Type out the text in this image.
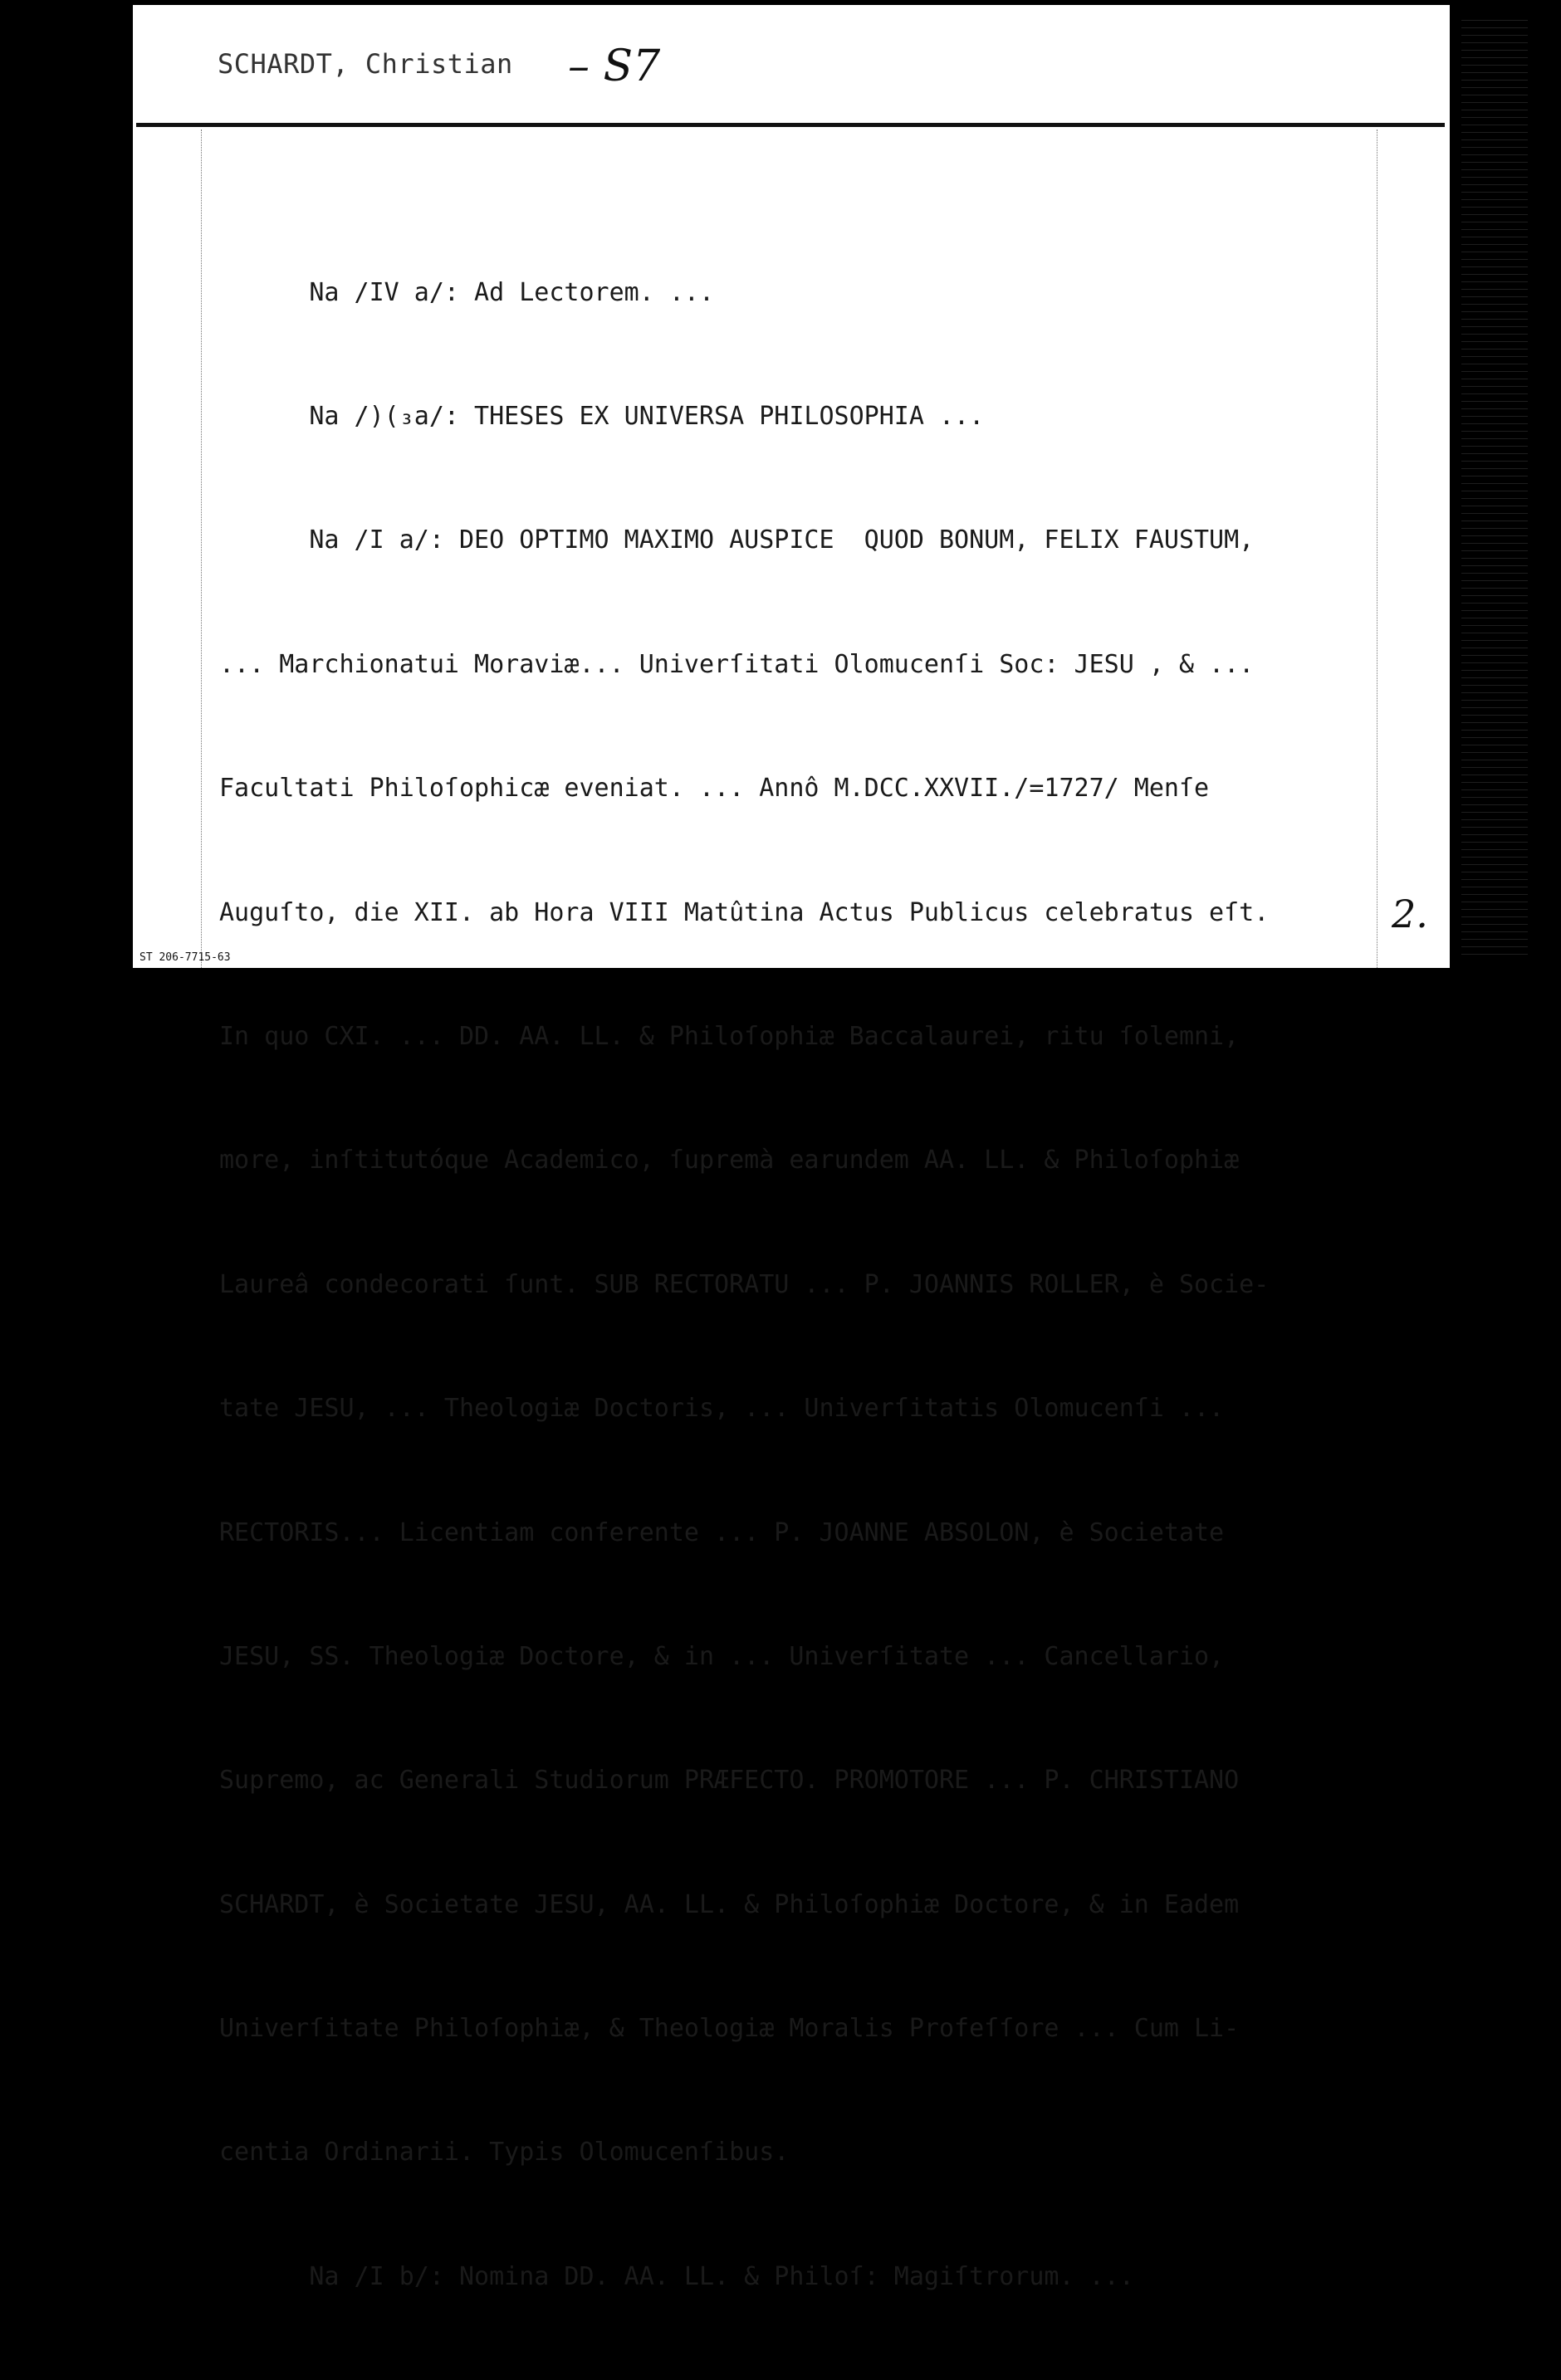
SCHARDT, Christian – S7

Na /IV a/: Ad Lectorem. ...

Na /)(₃a/: THESES EX UNIVERSA PHILOSOPHIA ...

Na /I a/: DEO OPTIMO MAXIMO AUSPICE  QUOD BONUM, FELIX FAUSTUM,

... Marchionatui Moraviæ... Univerſitati Olomucenſi Soc: JESU , & ...

Facultati Philoſophicæ eveniat. ... Annô M.DCC.XXVII./=1727/ Menſe

Auguſto, die XII. ab Hora VIII Matûtina Actus Publicus celebratus eſt.

In quo CXI. ... DD. AA. LL. & Philoſophiæ Baccalaurei, ritu ſolemni,

more, inſtitutóque Academico, ſupremà earundem AA. LL. & Philoſophiæ

Laureâ condecorati ſunt. SUB RECTORATU ... P. JOANNIS ROLLER, è Socie-

tate JESU, ... Theologiæ Doctoris, ... Univerſitatis Olomucenſi ...

RECTORIS... Licentiam conferente ... P. JOANNE ABSOLON, è Societate

JESU, SS. Theologiæ Doctore, & in ... Univerſitate ... Cancellario,

Supremo, ac Generali Studiorum PRÆFECTO. PROMOTORE ... P. CHRISTIANO

SCHARDT, è Societate JESU, AA. LL. & Philoſophiæ Doctore, & in Eadem

Univerſitate Philoſophiæ, & Theologiæ Moralis Profeſſore ... Cum Li-

centia Ordinarii. Typis Olomucenſibus.

Na /I b/: Nomina DD. AA. LL. & Philoſ: Magiſtrorum. ...

2.
ST 206-7715-63
